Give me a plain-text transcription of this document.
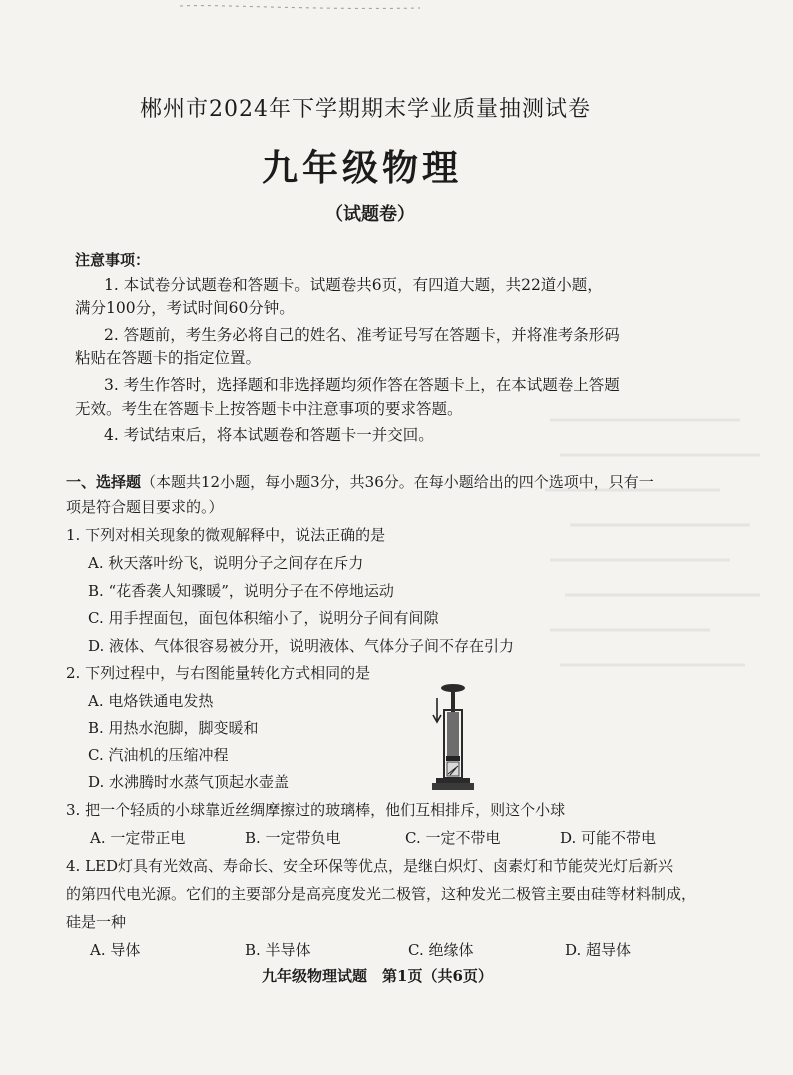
郴州市2024年下学期期末学业质量抽测试卷
九年级物理
（试题卷）
注意事项：
1. 本试卷分试题卷和答题卡。试题卷共6页，有四道大题，共22道小题，
满分100分，考试时间60分钟。
2. 答题前，考生务必将自己的姓名、准考证号写在答题卡，并将准考条形码
粘贴在答题卡的指定位置。
3. 考生作答时，选择题和非选择题均须作答在答题卡上，在本试题卷上答题
无效。考生在答题卡上按答题卡中注意事项的要求答题。
4. 考试结束后，将本试题卷和答题卡一并交回。
一、选择题（本题共12小题，每小题3分，共36分。在每小题给出的四个选项中，只有一
项是符合题目要求的。）
1. 下列对相关现象的微观解释中，说法正确的是
A. 秋天落叶纷飞，说明分子之间存在斥力
B. “花香袭人知骤暖”，说明分子在不停地运动
C. 用手捏面包，面包体积缩小了，说明分子间有间隙
D. 液体、气体很容易被分开，说明液体、气体分子间不存在引力
2. 下列过程中，与右图能量转化方式相同的是
A. 电烙铁通电发热
B. 用热水泡脚，脚变暖和
C. 汽油机的压缩冲程
D. 水沸腾时水蒸气顶起水壶盖
3. 把一个轻质的小球靠近丝绸摩擦过的玻璃棒，他们互相排斥，则这个小球
A. 一定带正电	B. 一定带负电	C. 一定不带电	D. 可能不带电
4. LED灯具有光效高、寿命长、安全环保等优点，是继白炽灯、卤素灯和节能荧光灯后新兴
的第四代电光源。它们的主要部分是高亮度发光二极管，这种发光二极管主要由硅等材料制成，
硅是一种
A. 导体	B. 半导体	C. 绝缘体	D. 超导体
九年级物理试题　第1页（共6页）
